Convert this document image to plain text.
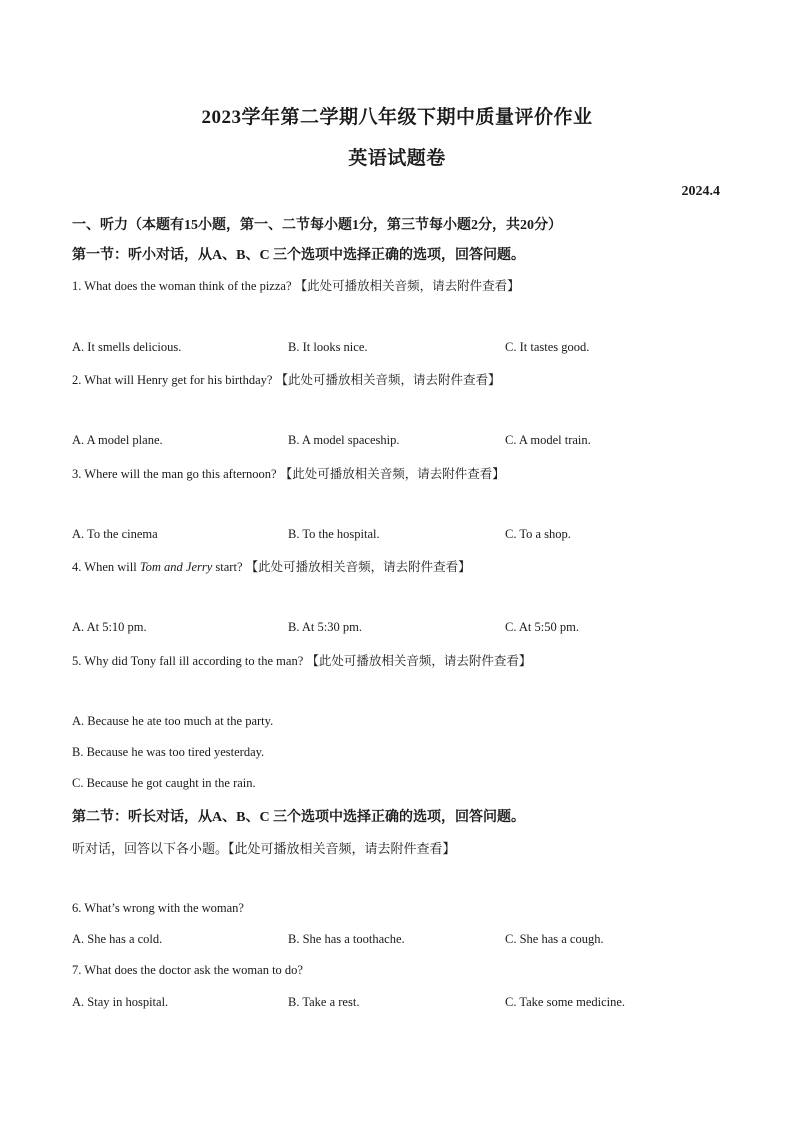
2023学年第二学期八年级下期中质量评价作业
英语试题卷
2024.4
一、听力（本题有15小题，第一、二节每小题1分，第三节每小题2分，共20分）
第一节：听小对话，从A、B、C 三个选项中选择正确的选项，回答问题。
1. What does the woman think of the pizza? 【此处可播放相关音频，请去附件查看】
A. It smells delicious.	B. It looks nice.	C. It tastes good.
2. What will Henry get for his birthday? 【此处可播放相关音频，请去附件查看】
A. A model plane.	B. A model spaceship.	C. A model train.
3. Where will the man go this afternoon? 【此处可播放相关音频，请去附件查看】
A. To the cinema	B. To the hospital.	C. To a shop.
4. When will Tom and Jerry start? 【此处可播放相关音频，请去附件查看】
A. At 5:10 pm.	B. At 5:30 pm.	C. At 5:50 pm.
5. Why did Tony fall ill according to the man? 【此处可播放相关音频，请去附件查看】
A. Because he ate too much at the party.
B. Because he was too tired yesterday.
C. Because he got caught in the rain.
第二节：听长对话，从A、B、C 三个选项中选择正确的选项，回答问题。
听对话，回答以下各小题。【此处可播放相关音频，请去附件查看】
6. What’s wrong with the woman?
A. She has a cold.	B. She has a toothache.	C. She has a cough.
7. What does the doctor ask the woman to do?
A. Stay in hospital.	B. Take a rest.	C. Take some medicine.
